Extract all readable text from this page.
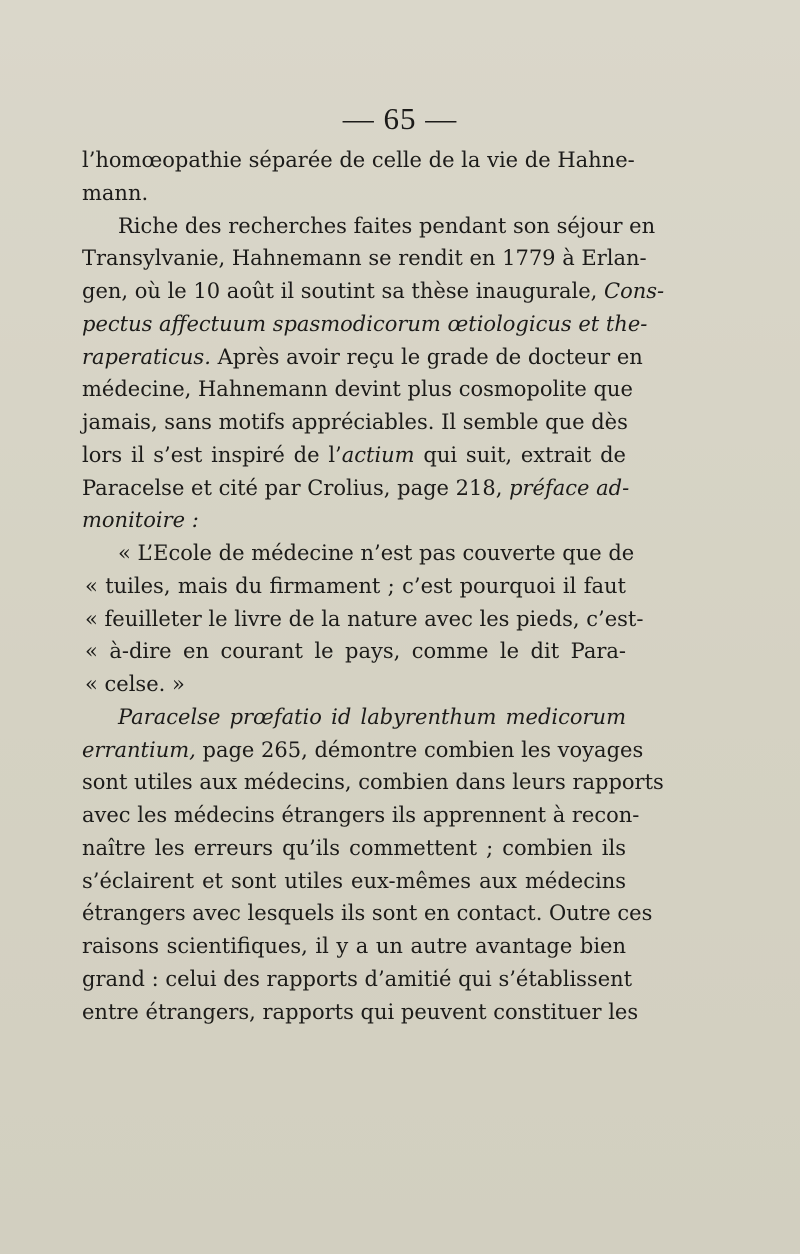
— 65 —
l’homœopathie séparée de celle de la vie de Hahne-
mann.
Riche des recherches faites pendant son séjour en
Transylvanie, Hahnemann se rendit en 1779 à Erlan-
gen, où le 10 août il soutint sa thèse inaugurale, Cons-
pectus affectuum spasmodicorum œtiologicus et the-
raperaticus. Après avoir reçu le grade de docteur en
médecine, Hahnemann devint plus cosmopolite que
jamais, sans motifs appréciables. Il semble que dès
lors il s’est inspiré de l’actium qui suit, extrait de
Paracelse et cité par Crolius, page 218, préface ad-
monitoire :
« L’Ecole de médecine n’est pas couverte que de
« tuiles, mais du firmament ; c’est pourquoi il faut
« feuilleter le livre de la nature avec les pieds, c’est-
« à-dire en courant le pays, comme le dit Para-
« celse. »
Paracelse prœfatio id labyrenthum medicorum
errantium, page 265, démontre combien les voyages
sont utiles aux médecins, combien dans leurs rapports
avec les médecins étrangers ils apprennent à recon-
naître les erreurs qu’ils commettent ; combien ils
s’éclairent et sont utiles eux-mêmes aux médecins
étrangers avec lesquels ils sont en contact. Outre ces
raisons scientifiques, il y a un autre avantage bien
grand : celui des rapports d’amitié qui s’établissent
entre étrangers, rapports qui peuvent constituer les
